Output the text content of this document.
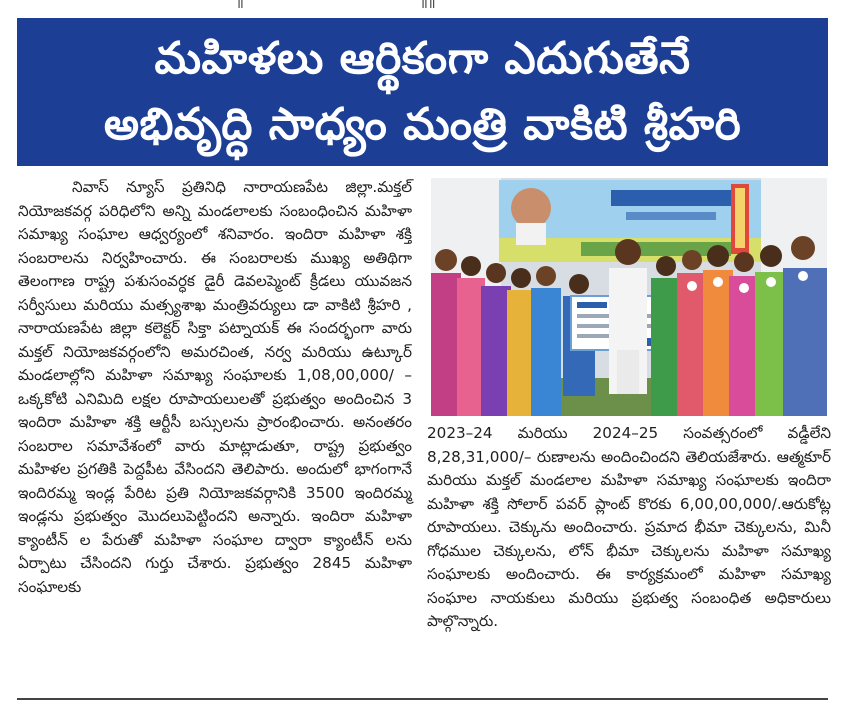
॥	॥॥
మహిళలు ఆర్థికంగా ఎదుగుతేనే
అభివృద్ధి సాధ్యం మంత్రి వాకిటి శ్రీహరి
నివాస్ న్యూస్ ప్రతినిధి నారాయణపేట జిల్లా.మక్తల్ నియోజకవర్గ పరిధిలోని అన్ని మండలాలకు సంబంధించిన మహిళా సమాఖ్య సంఘాల ఆధ్వర్యంలో శనివారం. ఇందిరా మహిళా శక్తి సంబరాలను నిర్వహించారు. ఈ సంబరాలకు ముఖ్య అతిథిగా తెలంగాణ రాష్ట్ర పశుసంవర్ధక డైరీ డెవలప్మెంట్ క్రీడలు యువజన సర్వీసులు మరియు మత్స్యశాఖ మంత్రివర్యులు డా వాకిటి శ్రీహరి , నారాయణపేట జిల్లా కలెక్టర్ సిక్తా పట్నాయక్ ఈ సందర్భంగా వారు మక్తల్ నియోజకవర్గంలోని అమరచింత, నర్వ మరియు ఉట్కూర్ మండలాల్లోని మహిళా సమాఖ్య సంఘాలకు 1,08,00,000/ –ఒక్కకోటి ఎనిమిది లక్షల రూపాయలులతో ప్రభుత్వం అందించిన 3 ఇందిరా మహిళా శక్తి ఆర్టీసీ బస్సులను ప్రారంభించారు. అనంతరం సంబరాల సమావేశంలో వారు మాట్లాడుతూ, రాష్ట్ర ప్రభుత్వం మహిళల ప్రగతికి పెద్దపీట వేసిందని తెలిపారు. అందులో భాగంగానే ఇందిరమ్మ ఇండ్ల పేరిట ప్రతి నియోజకవర్గానికి 3500 ఇందిరమ్మ ఇండ్లను ప్రభుత్వం మొదలుపెట్టిందని అన్నారు. ఇందిరా మహిళా క్యాంటీన్ ల పేరుతో మహిళా సంఘాల ద్వారా క్యాంటీన్ లను ఏర్పాటు చేసిందని గుర్తు చేశారు. ప్రభుత్వం 2845 మహిళా సంఘాలకు
2023–24 మరియు 2024–25 సంవత్సరంలో వడ్డీలేని 8,28,31,000/– రుణాలను అందించిందని తెలియజేశారు. ఆత్మకూర్ మరియు మక్తల్ మండలాల మహిళా సమాఖ్య సంఘాలకు ఇందిరా మహిళా శక్తి సోలార్ పవర్ ప్లాంట్ కొరకు 6,00,00,000/.ఆరుకోట్ల రూపాయలు. చెక్కును అందించారు. ప్రమాద భీమా చెక్కులను, మినీ గోధముల చెక్కులను, లోన్ భీమా చెక్కులను మహిళా సమాఖ్య సంఘాలకు అందించారు. ఈ కార్యక్రమంలో మహిళా సమాఖ్య సంఘాల నాయకులు మరియు ప్రభుత్వ సంబంధిత అధికారులు పాల్గొన్నారు.
